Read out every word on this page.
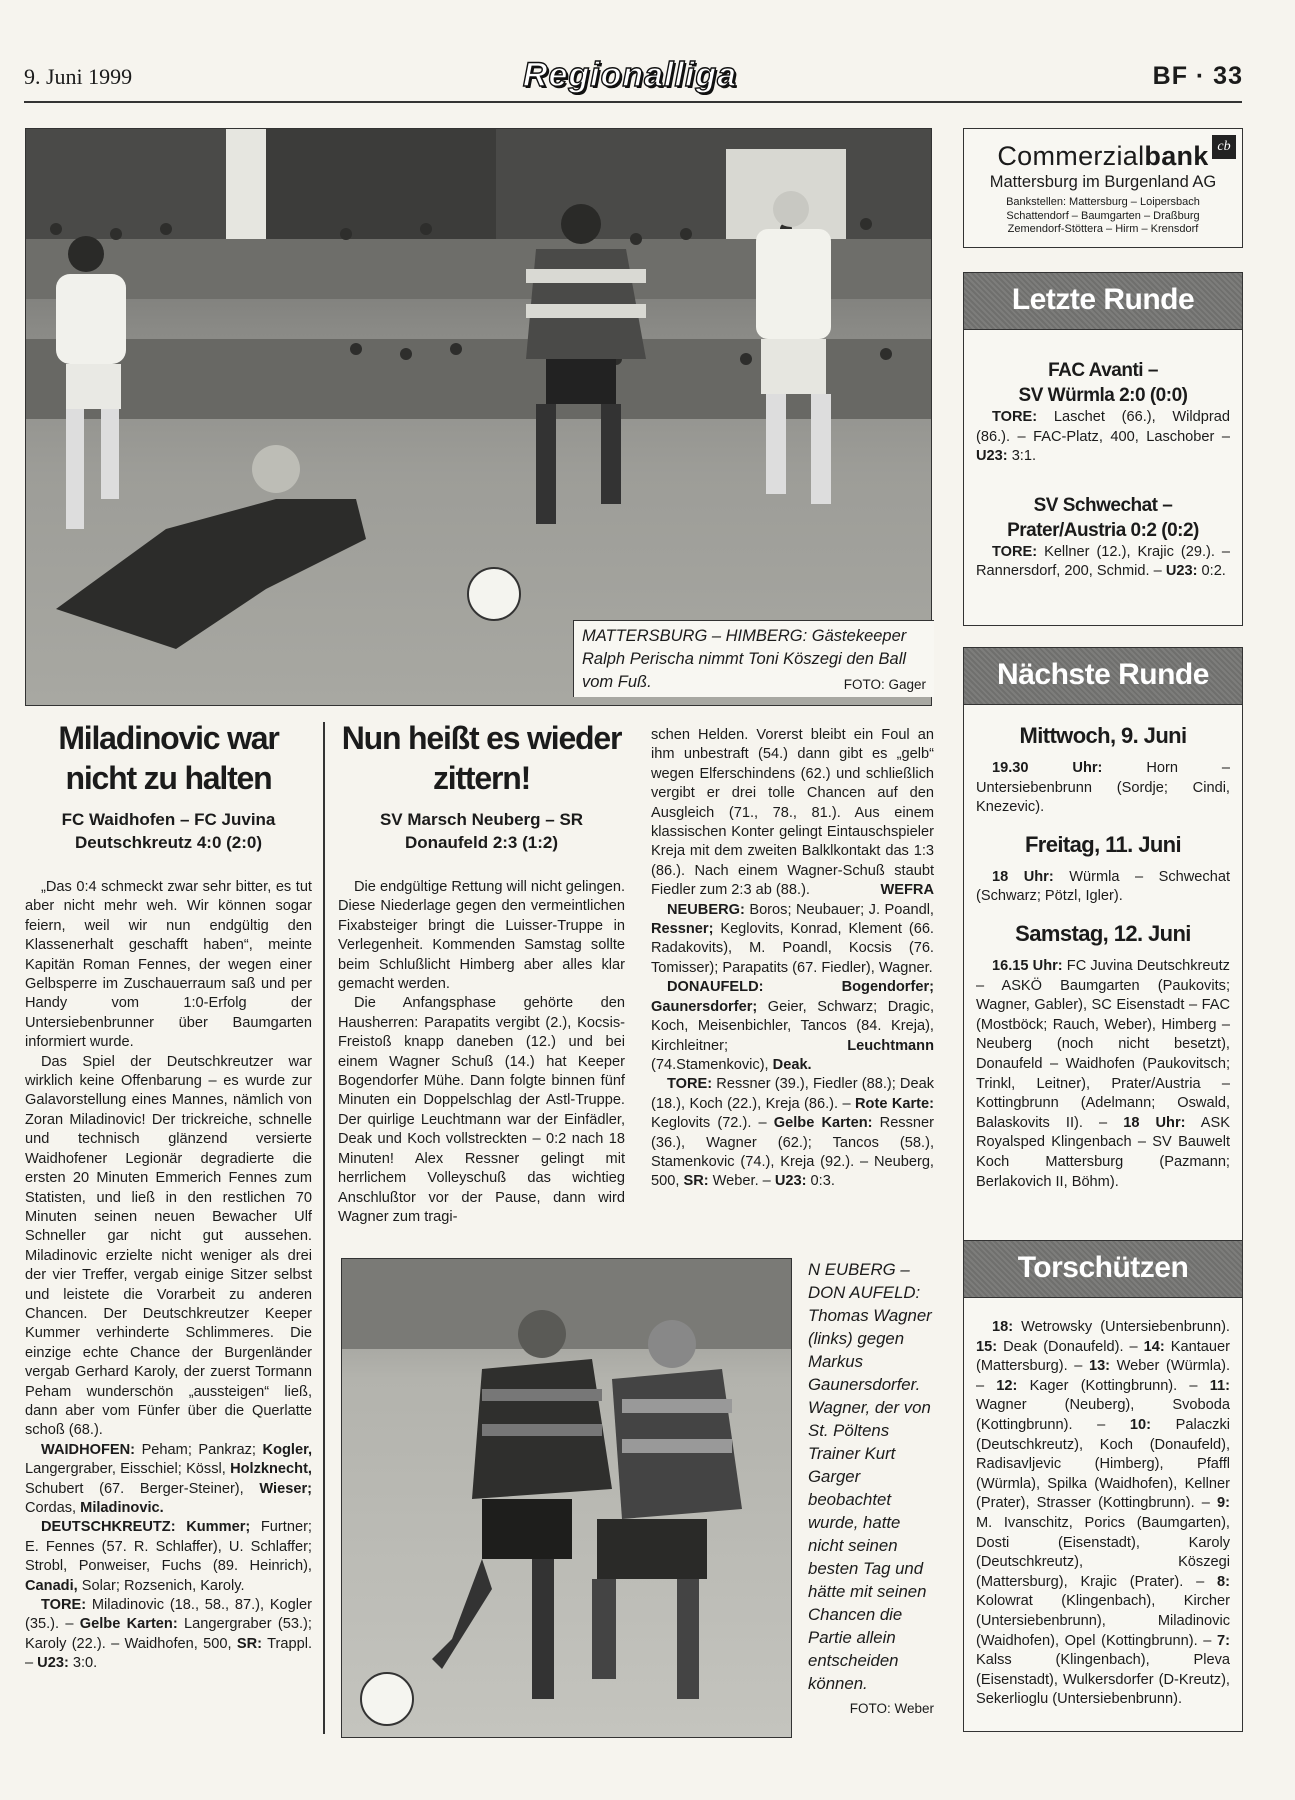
9. Juni 1999	Regionalliga	BF · 33
MATTERSBURG – HIMBERG: Gästekeeper Ralph Perischa nimmt Toni Köszegi den Ball vom Fuß.	FOTO: Gager
Miladinovic war nicht zu halten
FC Waidhofen – FC Juvina Deutschkreutz 4:0 (2:0)

„Das 0:4 schmeckt zwar sehr bitter, es tut aber nicht mehr weh. Wir können sogar feiern, weil wir nun endgültig den Klassenerhalt geschafft haben“, meinte Kapitän Roman Fennes, der wegen einer Gelbsperre im Zuschauerraum saß und per Handy vom 1:0-Erfolg der Untersiebenbrunner über Baumgarten informiert wurde.

Das Spiel der Deutschkreutzer war wirklich keine Offenbarung – es wurde zur Galavorstellung eines Mannes, nämlich von Zoran Miladinovic! Der trickreiche, schnelle und technisch glänzend versierte Waidhofener Legionär degradierte die ersten 20 Minuten Emmerich Fennes zum Statisten, und ließ in den restlichen 70 Minuten seinen neuen Bewacher Ulf Schneller gar nicht gut aussehen. Miladinovic erzielte nicht weniger als drei der vier Treffer, vergab einige Sitzer selbst und leistete die Vorarbeit zu anderen Chancen. Der Deutschkreutzer Keeper Kummer verhinderte Schlimmeres. Die einzige echte Chance der Burgenländer vergab Gerhard Karoly, der zuerst Tormann Peham wunderschön „aussteigen“ ließ, dann aber vom Fünfer über die Querlatte schoß (68.).

WAIDHOFEN: Peham; Pankraz; Kogler, Langergraber, Eisschiel; Kössl, Holzknecht, Schubert (67. Berger-Steiner), Wieser; Cordas, Miladinovic.

DEUTSCHKREUTZ: Kummer; Furtner; E. Fennes (57. R. Schlaffer), U. Schlaffer; Strobl, Ponweiser, Fuchs (89. Heinrich), Canadi, Solar; Rozsenich, Karoly.

TORE: Miladinovic (18., 58., 87.), Kogler (35.). – Gelbe Karten: Langergraber (53.); Karoly (22.). – Waidhofen, 500, SR: Trappl. – U23: 3:0.

Nun heißt es wieder zittern!
SV Marsch Neuberg – SR Donaufeld 2:3 (1:2)

Die endgültige Rettung will nicht gelingen. Diese Niederlage gegen den vermeintlichen Fixabsteiger bringt die Luisser-Truppe in Verlegenheit. Kommenden Samstag sollte beim Schlußlicht Himberg aber alles klar gemacht werden.

Die Anfangsphase gehörte den Hausherren: Parapatits vergibt (2.), Kocsis-Freistoß knapp daneben (12.) und bei einem Wagner Schuß (14.) hat Keeper Bogendorfer Mühe. Dann folgte binnen fünf Minuten ein Doppelschlag der Astl-Truppe. Der quirlige Leuchtmann war der Einfädler, Deak und Koch vollstreckten – 0:2 nach 18 Minuten! Alex Ressner gelingt mit herrlichem Volleyschuß das wichtieg Anschlußtor vor der Pause, dann wird Wagner zum tragi-

schen Helden. Vorerst bleibt ein Foul an ihm unbestraft (54.) dann gibt es „gelb“ wegen Elferschindens (62.) und schließlich vergibt er drei tolle Chancen auf den Ausgleich (71., 78., 81.). Aus einem klassischen Konter gelingt Eintauschspieler Kreja mit dem zweiten Balklkontakt das 1:3 (86.). Nach einem Wagner-Schuß staubt Fiedler zum 2:3 ab (88.).	WEFRA

NEUBERG: Boros; Neubauer; J. Poandl, Ressner; Keglovits, Konrad, Klement (66. Radakovits), M. Poandl, Kocsis (76. Tomisser); Parapatits (67. Fiedler), Wagner.

DONAUFELD: Bogendorfer; Gaunersdorfer; Geier, Schwarz; Dragic, Koch, Meisenbichler, Tancos (84. Kreja), Kirchleitner; Leuchtmann (74.Stamenkovic), Deak.

TORE: Ressner (39.), Fiedler (88.); Deak (18.), Koch (22.), Kreja (86.). – Rote Karte: Keglovits (72.). – Gelbe Karten: Ressner (36.), Wagner (62.); Tancos (58.), Stamenkovic (74.), Kreja (92.). – Neuberg, 500, SR: Weber. – U23: 0:3.

N EUBERG – DON AUFELD: Thomas Wagner (links) gegen Markus Gaunersdorfer. Wagner, der von St. Pöltens Trainer Kurt Garger beobachtet wurde, hatte nicht seinen besten Tag und hätte mit seinen Chancen die Partie allein entscheiden können.
FOTO: Weber
cb
Commerzialbank
Mattersburg im Burgenland AG
Bankstellen: Mattersburg – Loipersbach
Schattendorf – Baumgarten – Draßburg
Zemendorf-Stöttera – Hirm – Krensdorf
Letzte Runde
FAC Avanti –
SV Würmla 2:0 (0:0)

TORE: Laschet (66.), Wildprad (86.). – FAC-Platz, 400, Laschober – U23: 3:1.

SV Schwechat –
Prater/Austria 0:2 (0:2)

TORE: Kellner (12.), Krajic (29.). – Rannersdorf, 200, Schmid. – U23: 0:2.

Nächste Runde
Mittwoch, 9. Juni

19.30 Uhr: Horn – Untersiebenbrunn (Sordje; Cindi, Knezevic).

Freitag, 11. Juni

18 Uhr: Würmla – Schwechat (Schwarz; Pötzl, Igler).

Samstag, 12. Juni

16.15 Uhr: FC Juvina Deutschkreutz – ASKÖ Baumgarten (Paukovits; Wagner, Gabler), SC Eisenstadt – FAC (Mostböck; Rauch, Weber), Himberg – Neuberg (noch nicht besetzt), Donaufeld – Waidhofen (Paukovitsch; Trinkl, Leitner), Prater/Austria – Kottingbrunn (Adelmann; Oswald, Balaskovits II). – 18 Uhr: ASK Royalsped Klingenbach – SV Bauwelt Koch Mattersburg (Pazmann; Berlakovich II, Böhm).

Torschützen

18: Wetrowsky (Untersiebenbrunn). 15: Deak (Donaufeld). – 14: Kantauer (Mattersburg). – 13: Weber (Würmla). – 12: Kager (Kottingbrunn). – 11: Wagner (Neuberg), Svoboda (Kottingbrunn). – 10: Palaczki (Deutschkreutz), Koch (Donaufeld), Radisavljevic (Himberg), Pfaffl (Würmla), Spilka (Waidhofen), Kellner (Prater), Strasser (Kottingbrunn). – 9: M. Ivanschitz, Porics (Baumgarten), Dosti (Eisenstadt), Karoly (Deutschkreutz), Köszegi (Mattersburg), Krajic (Prater). – 8: Kolowrat (Klingenbach), Kircher (Untersiebenbrunn), Miladinovic (Waidhofen), Opel (Kottingbrunn). – 7: Kalss (Klingenbach), Pleva (Eisenstadt), Wulkersdorfer (D-Kreutz), Sekerlioglu (Untersiebenbrunn).
